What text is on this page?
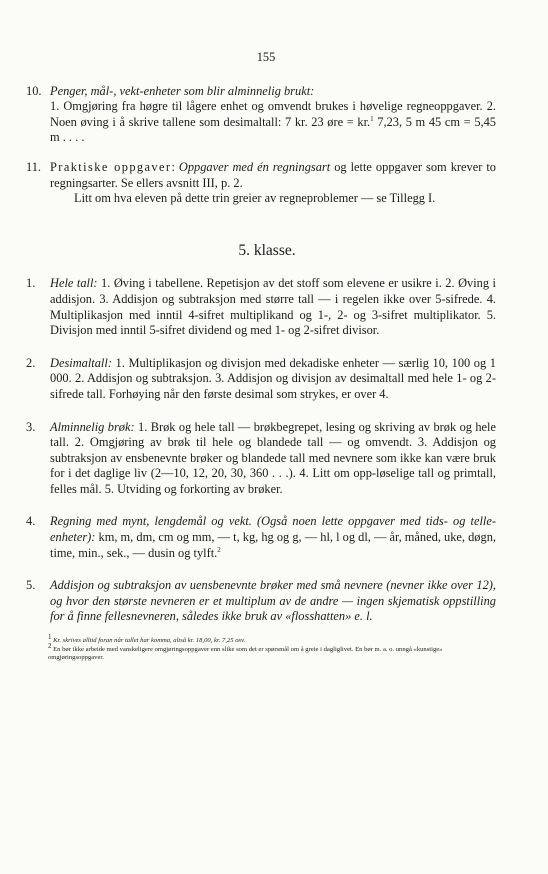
155
10. Penger, mål-, vekt-enheter som blir alminnelig brukt:

1. Omgjøring fra høgre til lågere enhet og omvendt brukes i høvelige regneoppgaver. 2. Noen øving i å skrive tallene som desimaltall: 7 kr. 23 øre = kr.$^1$ 7,23, 5 m 45 cm = 5,45 m . . . .

11. Praktiske oppgaver: Oppgaver med én regningsart og lette oppgaver som krever to regningsarter. Se ellers avsnitt III, p. 2.

Litt om hva eleven på dette trin greier av regneproblemer — se Tillegg I.

5. klasse.
1. Hele tall: 1. Øving i tabellene. Repetisjon av det stoff som elevene er usikre i. 2. Øving i addisjon. 3. Addisjon og subtraksjon med større tall — i regelen ikke over 5-sifrede. 4. Multiplikasjon med inntil 4-sifret multiplikand og 1-, 2- og 3-sifret multiplikator. 5. Divisjon med inntil 5-sifret dividend og med 1- og 2-sifret divisor.

2. Desimaltall: 1. Multiplikasjon og divisjon med dekadiske enheter — særlig 10, 100 og 1 000. 2. Addisjon og subtraksjon. 3. Addisjon og divisjon av desimaltall med hele 1- og 2-sifrede tall. Forhøying når den første desimal som strykes, er over 4.

3. Alminnelig brøk: 1. Brøk og hele tall — brøkbegrepet, lesing og skriving av brøk og hele tall. 2. Omgjøring av brøk til hele og blandede tall — og omvendt. 3. Addisjon og subtraksjon av ensbenevnte brøker og blandede tall med nevnere som ikke kan være bruk for i det daglige liv (2—10, 12, 20, 30, 360 . . .). 4. Litt om opp-løselige tall og primtall, felles mål. 5. Utviding og forkorting av brøker.

4. Regning med mynt, lengdemål og vekt. (Også noen lette oppgaver med tids- og telle-enheter): km, m, dm, cm og mm, — t, kg, hg og g, — hl, l og dl, — år, måned, uke, døgn, time, min., sek., — dusin og tylft.$^2$

5. Addisjon og subtraksjon av uensbenevnte brøker med små nevnere (nevner ikke over 12), og hvor den største nevneren er et multiplum av de andre — ingen skjematisk oppstilling for å finne fellesnevneren, således ikke bruk av «flosshatten» e. l.

$^1$ Kr. skrives alltid foran når tallet har komma, altså kr. 18,00, kr. 7,25 osv.

$^2$ En bør ikke arbeide med vanskeligere omgjøringsoppgaver enn slike som det er spørsmål om å greie i dagliglivet. En bør m. a. o. unngå «kunstige» omgjøringsoppgaver.
